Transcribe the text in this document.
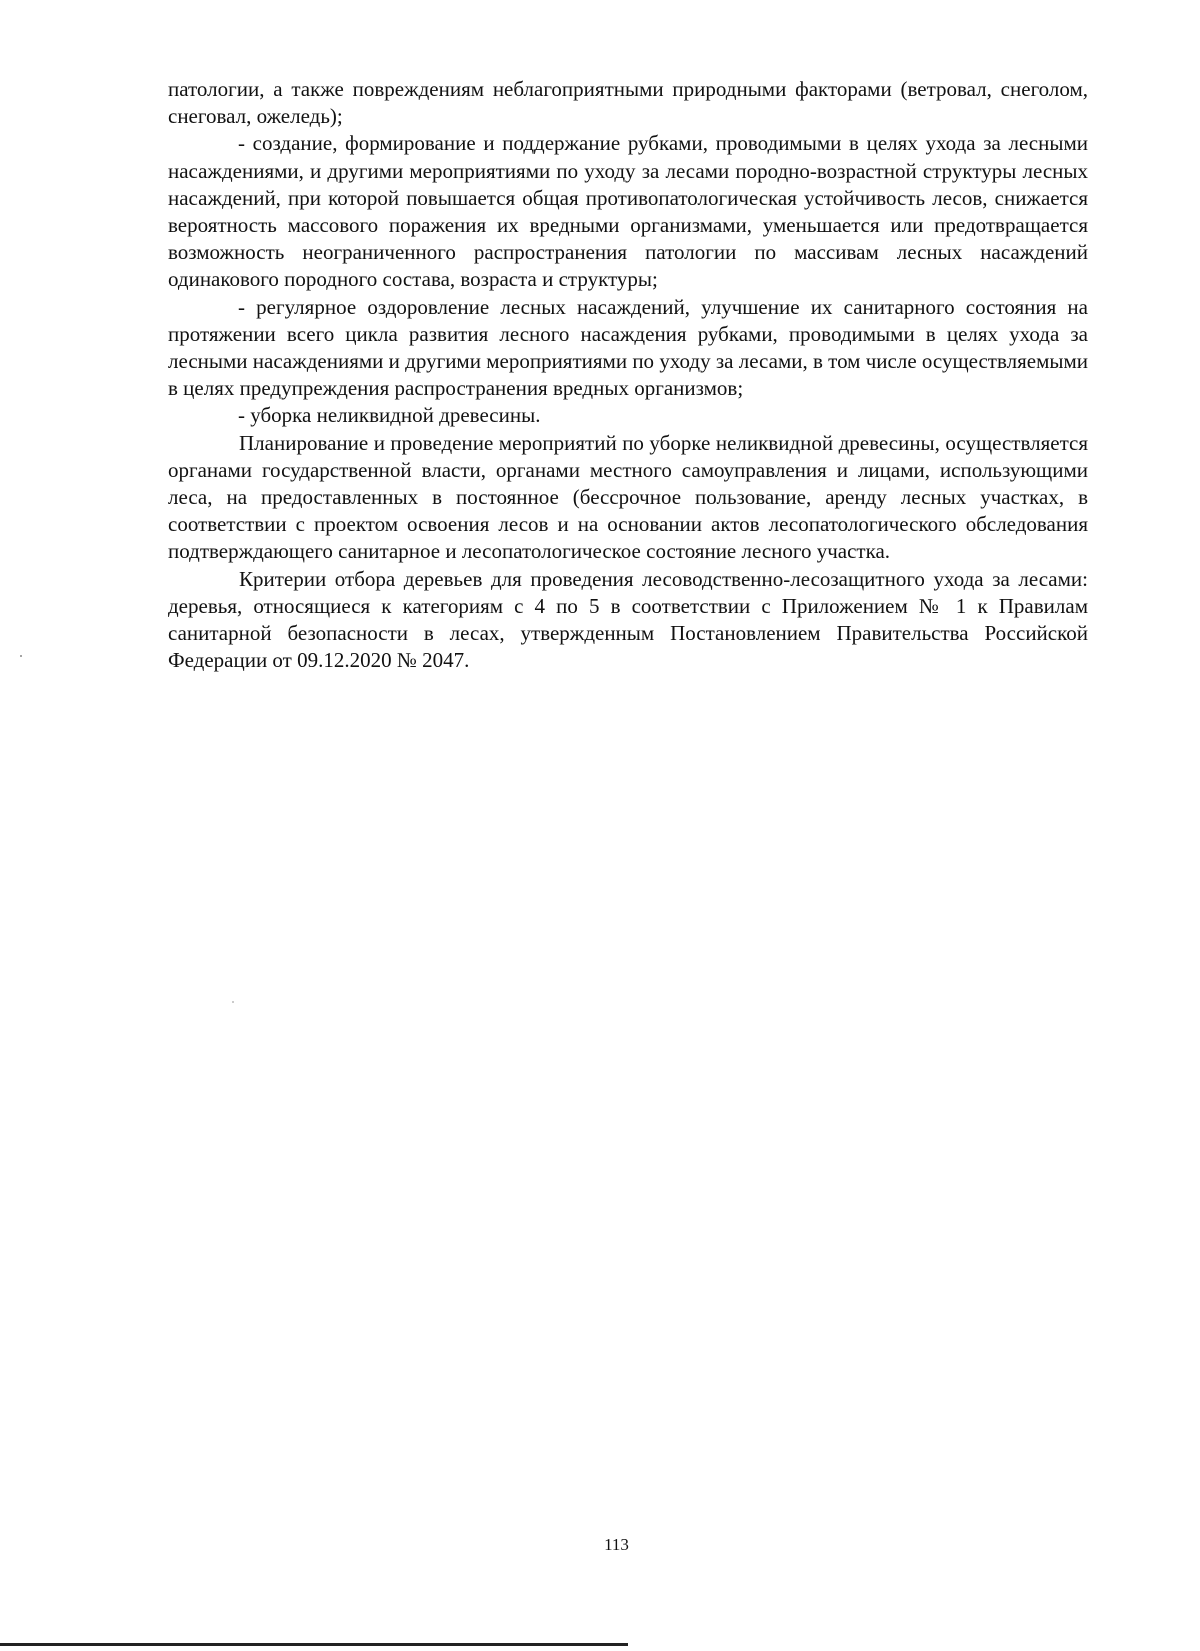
патологии, а также повреждениям неблагоприятными природными факторами (ветровал, снеголом, снеговал, ожеледь);

- создание, формирование и поддержание рубками, проводимыми в целях ухода за лесными насаждениями, и другими мероприятиями по уходу за лесами породно-возрастной структуры лесных насаждений, при которой повышается общая противопатологическая устойчивость лесов, снижается вероятность массового поражения их вредными организмами, уменьшается или предотвращается возможность неограниченного распространения патологии по массивам лесных насаждений одинакового породного состава, возраста и структуры;

- регулярное оздоровление лесных насаждений, улучшение их санитарного состояния на протяжении всего цикла развития лесного насаждения рубками, проводимыми в целях ухода за лесными насаждениями и другими мероприятиями по уходу за лесами, в том числе осуществляемыми в целях предупреждения распространения вредных организмов;

- уборка неликвидной древесины.

Планирование и проведение мероприятий по уборке неликвидной древесины, осуществляется органами государственной власти, органами местного самоуправления и лицами, использующими леса, на предоставленных в постоянное (бессрочное пользование, аренду лесных участках, в соответствии с проектом освоения лесов и на основании актов лесопатологического обследования подтверждающего санитарное и лесопатологическое состояние лесного участка.

Критерии отбора деревьев для проведения лесоводственно-лесозащитного ухода за лесами: деревья, относящиеся к категориям с 4 по 5 в соответствии с Приложением № 1 к Правилам санитарной безопасности в лесах, утвержденным Постановлением Правительства Российской Федерации от 09.12.2020 № 2047.

113
